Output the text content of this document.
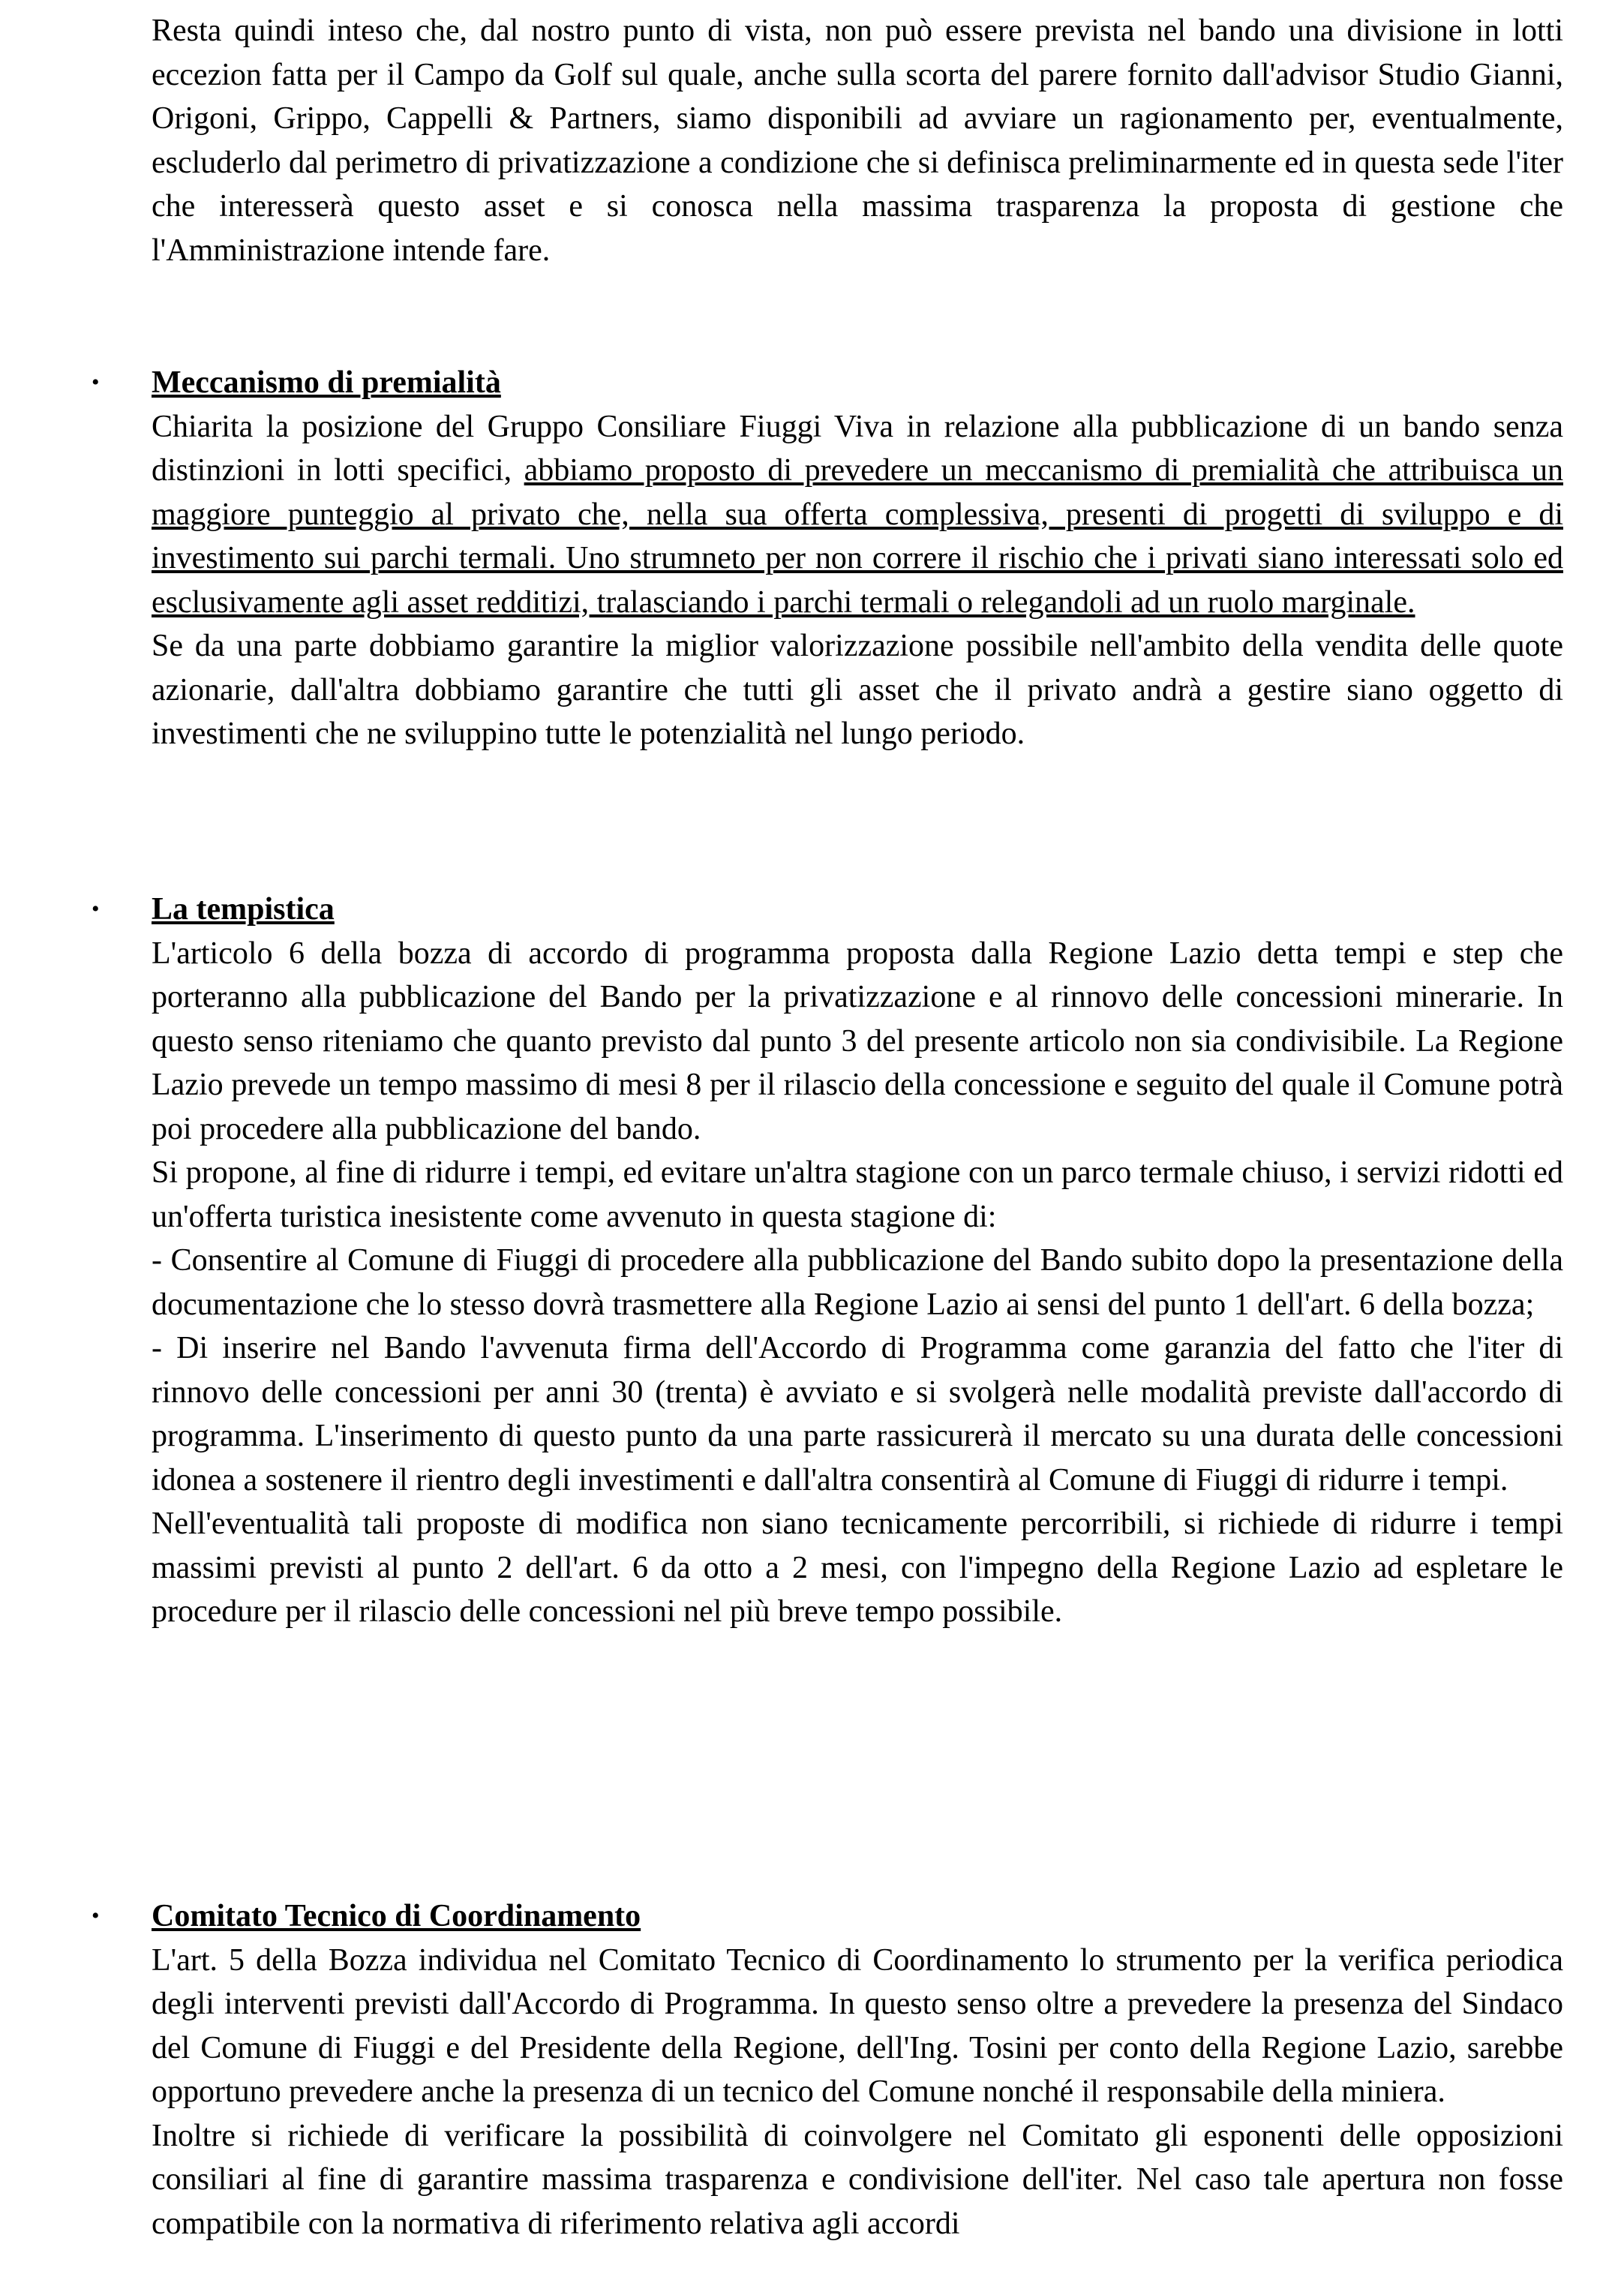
Resta quindi inteso che, dal nostro punto di vista, non può essere prevista nel bando una divisione in lotti eccezion fatta per il Campo da Golf sul quale, anche sulla scorta del parere fornito dall'advisor Studio Gianni, Origoni, Grippo, Cappelli & Partners, siamo disponibili ad avviare un ragionamento per, eventualmente, escluderlo dal perimetro di privatizzazione a condizione che si definisca preliminarmente ed in questa sede l'iter che interesserà questo asset e si conosca nella massima trasparenza la proposta di gestione che l'Amministrazione intende fare.
• Meccanismo di premialità

Chiarita la posizione del Gruppo Consiliare Fiuggi Viva in relazione alla pubblicazione di un bando senza distinzioni in lotti specifici, abbiamo proposto di prevedere un meccanismo di premialità che attribuisca un maggiore punteggio al privato che, nella sua offerta complessiva, presenti di progetti di sviluppo e di investimento sui parchi termali. Uno strumneto per non correre il rischio che i privati siano interessati solo ed esclusivamente agli asset redditizi, tralasciando i parchi termali o relegandoli ad un ruolo marginale.

Se da una parte dobbiamo garantire la miglior valorizzazione possibile nell'ambito della vendita delle quote azionarie, dall'altra dobbiamo garantire che tutti gli asset che il privato andrà a gestire siano oggetto di investimenti che ne sviluppino tutte le potenzialità nel lungo periodo.

• La tempistica

L'articolo 6 della bozza di accordo di programma proposta dalla Regione Lazio detta tempi e step che porteranno alla pubblicazione del Bando per la privatizzazione e al rinnovo delle concessioni minerarie. In questo senso riteniamo che quanto previsto dal punto 3 del presente articolo non sia condivisibile. La Regione Lazio prevede un tempo massimo di mesi 8 per il rilascio della concessione e seguito del quale il Comune potrà poi procedere alla pubblicazione del bando.

Si propone, al fine di ridurre i tempi, ed evitare un'altra stagione con un parco termale chiuso, i servizi ridotti ed un'offerta turistica inesistente come avvenuto in questa stagione di:

- Consentire al Comune di Fiuggi di procedere alla pubblicazione del Bando subito dopo la presentazione della documentazione che lo stesso dovrà trasmettere alla Regione Lazio ai sensi del punto 1 dell'art. 6 della bozza;

- Di inserire nel Bando l'avvenuta firma dell'Accordo di Programma come garanzia del fatto che l'iter di rinnovo delle concessioni per anni 30 (trenta) è avviato e si svolgerà nelle modalità previste dall'accordo di programma. L'inserimento di questo punto da una parte rassicurerà il mercato su una durata delle concessioni idonea a sostenere il rientro degli investimenti e dall'altra consentirà al Comune di Fiuggi di ridurre i tempi.

Nell'eventualità tali proposte di modifica non siano tecnicamente percorribili, si richiede di ridurre i tempi massimi previsti al punto 2 dell'art. 6 da otto a 2 mesi, con l'impegno della Regione Lazio ad espletare le procedure per il rilascio delle concessioni nel più breve tempo possibile.

• Comitato Tecnico di Coordinamento

L'art. 5 della Bozza individua nel Comitato Tecnico di Coordinamento lo strumento per la verifica periodica degli interventi previsti dall'Accordo di Programma. In questo senso oltre a prevedere la presenza del Sindaco del Comune di Fiuggi e del Presidente della Regione, dell'Ing. Tosini per conto della Regione Lazio, sarebbe opportuno prevedere anche la presenza di un tecnico del Comune nonché il responsabile della miniera.

Inoltre si richiede di verificare la possibilità di coinvolgere nel Comitato gli esponenti delle opposizioni consiliari al fine di garantire massima trasparenza e condivisione dell'iter. Nel caso tale apertura non fosse compatibile con la normativa di riferimento relativa agli accordi
